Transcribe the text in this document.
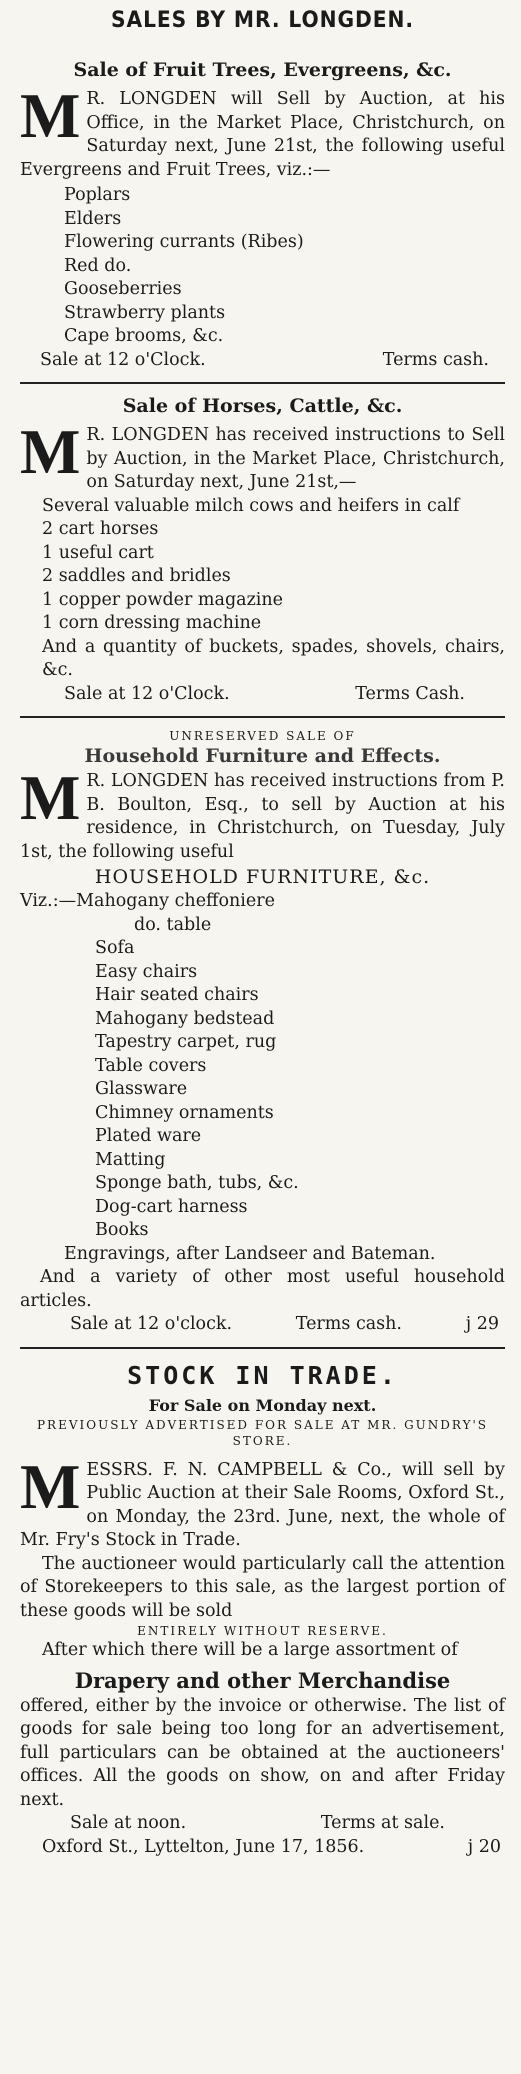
SALES BY MR. LONGDEN.
Sale of Fruit Trees, Evergreens, &c.

M R. LONGDEN will Sell by Auction, at his Office, in the Market Place, Christchurch, on Saturday next, June 21st, the following useful Evergreens and Fruit Trees, viz.:—

Poplars

Elders

Flowering currants (Ribes)

Red do.

Gooseberries

Strawberry plants

Cape brooms, &c.

Sale at 12 o'Clock.	Terms cash.
Sale of Horses, Cattle, &c.

M R. LONGDEN has received instructions to Sell by Auction, in the Market Place, Christchurch, on Saturday next, June 21st,—

Several valuable milch cows and heifers in calf

2 cart horses

1 useful cart

2 saddles and bridles

1 copper powder magazine

1 corn dressing machine

And a quantity of buckets, spades, shovels, chairs, &c.

Sale at 12 o'Clock.	Terms Cash.

UNRESERVED SALE OF

Household Furniture and Effects.

M R. LONGDEN has received instructions from P. B. Boulton, Esq., to sell by Auction at his residence, in Christchurch, on Tuesday, July 1st, the following useful

HOUSEHOLD FURNITURE, &c.

Viz.:—Mahogany cheffoniere

do. table

Sofa

Easy chairs

Hair seated chairs

Mahogany bedstead

Tapestry carpet, rug

Table covers

Glassware

Chimney ornaments

Plated ware

Matting

Sponge bath, tubs, &c.

Dog-cart harness

Books

Engravings, after Landseer and Bateman.

And a variety of other most useful household articles.

Sale at 12 o'clock.	Terms cash.	j 29
STOCK IN TRADE.

For Sale on Monday next.

PREVIOUSLY ADVERTISED FOR SALE AT MR. GUNDRY'S STORE.

MESSRS. F. N. CAMPBELL & Co., will sell by Public Auction at their Sale Rooms, Oxford St., on Monday, the 23rd. June, next, the whole of Mr. Fry's Stock in Trade.

The auctioneer would particularly call the attention of Storekeepers to this sale, as the largest portion of these goods will be sold

ENTIRELY WITHOUT RESERVE.

After which there will be a large assortment of

Drapery and other Merchandise

offered, either by the invoice or otherwise. The list of goods for sale being too long for an advertisement, full particulars can be obtained at the auctioneers' offices. All the goods on show, on and after Friday next.

Sale at noon.	Terms at sale.
Oxford St., Lyttelton, June 17, 1856.	j 20
